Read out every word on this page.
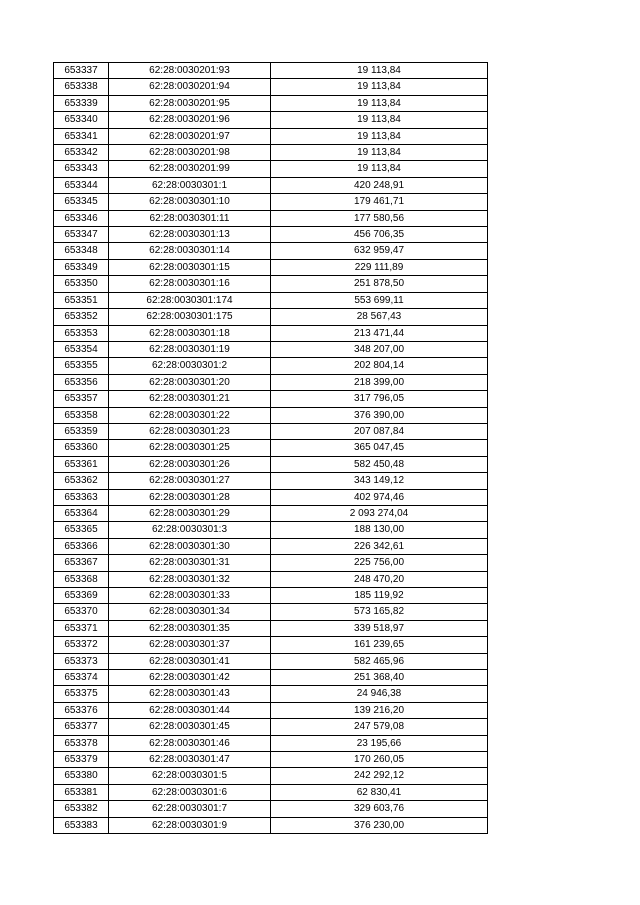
653337	62:28:0030201:93	19 113,84
653338	62:28:0030201:94	19 113,84
653339	62:28:0030201:95	19 113,84
653340	62:28:0030201:96	19 113,84
653341	62:28:0030201:97	19 113,84
653342	62:28:0030201:98	19 113,84
653343	62:28:0030201:99	19 113,84
653344	62:28:0030301:1	420 248,91
653345	62:28:0030301:10	179 461,71
653346	62:28:0030301:11	177 580,56
653347	62:28:0030301:13	456 706,35
653348	62:28:0030301:14	632 959,47
653349	62:28:0030301:15	229 111,89
653350	62:28:0030301:16	251 878,50
653351	62:28:0030301:174	553 699,11
653352	62:28:0030301:175	28 567,43
653353	62:28:0030301:18	213 471,44
653354	62:28:0030301:19	348 207,00
653355	62:28:0030301:2	202 804,14
653356	62:28:0030301:20	218 399,00
653357	62:28:0030301:21	317 796,05
653358	62:28:0030301:22	376 390,00
653359	62:28:0030301:23	207 087,84
653360	62:28:0030301:25	365 047,45
653361	62:28:0030301:26	582 450,48
653362	62:28:0030301:27	343 149,12
653363	62:28:0030301:28	402 974,46
653364	62:28:0030301:29	2 093 274,04
653365	62:28:0030301:3	188 130,00
653366	62:28:0030301:30	226 342,61
653367	62:28:0030301:31	225 756,00
653368	62:28:0030301:32	248 470,20
653369	62:28:0030301:33	185 119,92
653370	62:28:0030301:34	573 165,82
653371	62:28:0030301:35	339 518,97
653372	62:28:0030301:37	161 239,65
653373	62:28:0030301:41	582 465,96
653374	62:28:0030301:42	251 368,40
653375	62:28:0030301:43	24 946,38
653376	62:28:0030301:44	139 216,20
653377	62:28:0030301:45	247 579,08
653378	62:28:0030301:46	23 195,66
653379	62:28:0030301:47	170 260,05
653380	62:28:0030301:5	242 292,12
653381	62:28:0030301:6	62 830,41
653382	62:28:0030301:7	329 603,76
653383	62:28:0030301:9	376 230,00
